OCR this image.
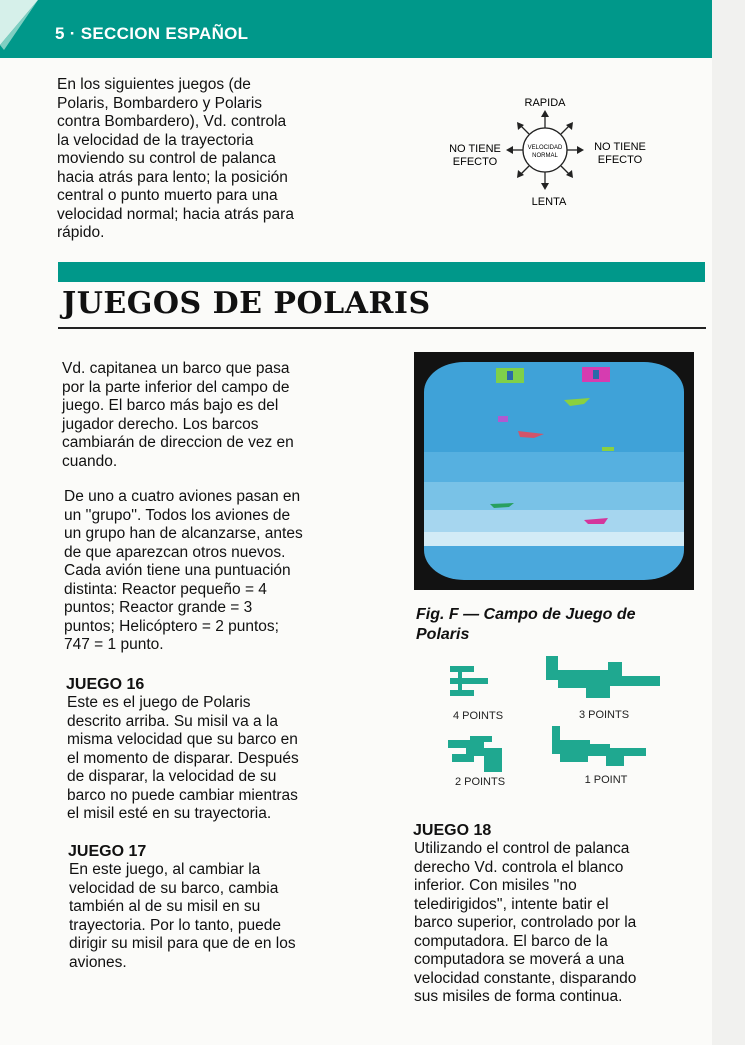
5 · SECCION ESPAÑOL
En los siguientes juegos (de
Polaris, Bombardero y Polaris
contra Bombardero), Vd. controla
la velocidad de la trayectoria
moviendo su control de palanca
hacia atrás para lento; la posición
central o punto muerto para una
velocidad normal; hacia atrás para
rápido.
RAPIDA
LENTA
NO TIENE
EFECTO
NO TIENE
EFECTO
VELOCIDAD
NORMAL
JUEGOS DE POLARIS
Vd. capitanea un barco que pasa
por la parte inferior del campo de
juego. El barco más bajo es del
jugador derecho. Los barcos
cambiarán de direccion de vez en
cuando.
De uno a cuatro aviones pasan en
un ''grupo''. Todos los aviones de
un grupo han de alcanzarse, antes
de que aparezcan otros nuevos.
Cada avión tiene una puntuación
distinta: Reactor pequeño = 4
puntos; Reactor grande = 3
puntos; Helicóptero = 2 puntos;
747 = 1 punto.
JUEGO 16
Este es el juego de Polaris
descrito arriba. Su misil va a la
misma velocidad que su barco en
el momento de disparar. Después
de disparar, la velocidad de su
barco no puede cambiar mientras
el misil esté en su trayectoria.
JUEGO 17
En este juego, al cambiar la
velocidad de su barco, cambia
también al de su misil en su
trayectoria. Por lo tanto, puede
dirigir su misil para que de en los
aviones.
Fig. F — Campo de Juego de
Polaris
4 POINTS	3 POINTS
2 POINTS	1 POINT
JUEGO 18
Utilizando el control de palanca
derecho Vd. controla el blanco
inferior. Con misiles ''no
teledirigidos'', intente batir el
barco superior, controlado por la
computadora. El barco de la
computadora se moverá a una
velocidad constante, disparando
sus misiles de forma continua.
